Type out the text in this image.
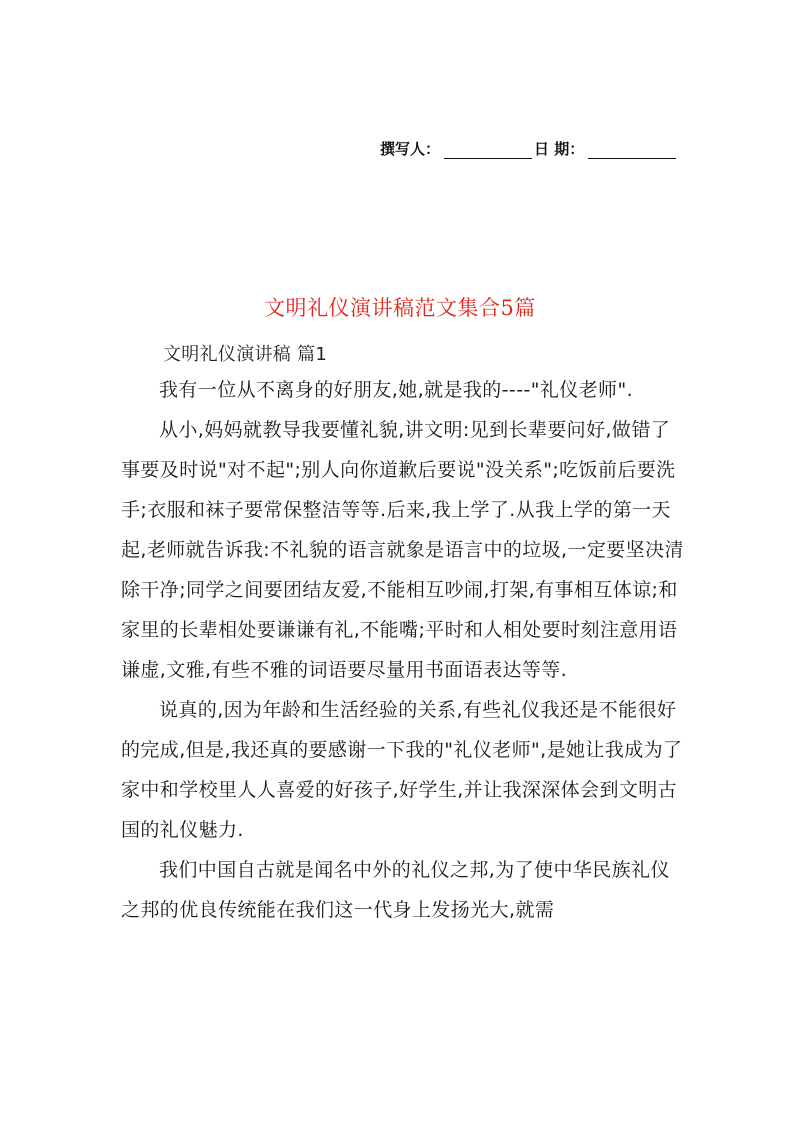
撰写人：	日 期：
文明礼仪演讲稿范文集合5篇
文明礼仪演讲稿 篇1

我有一位从不离身的好朋友,她,就是我的----"礼仪老师".

从小,妈妈就教导我要懂礼貌,讲文明:见到长辈要问好,做错了事要及时说"对不起";别人向你道歉后要说"没关系";吃饭前后要洗手;衣服和袜子要常保整洁等等.后来,我上学了.从我上学的第一天起,老师就告诉我:不礼貌的语言就象是语言中的垃圾,一定要坚决清除干净;同学之间要团结友爱,不能相互吵闹,打架,有事相互体谅;和家里的长辈相处要谦谦有礼,不能嘴;平时和人相处要时刻注意用语谦虚,文雅,有些不雅的词语要尽量用书面语表达等等.

说真的,因为年龄和生活经验的关系,有些礼仪我还是不能很好的完成,但是,我还真的要感谢一下我的"礼仪老师",是她让我成为了家中和学校里人人喜爱的好孩子,好学生,并让我深深体会到文明古国的礼仪魅力.

我们中国自古就是闻名中外的礼仪之邦,为了使中华民族礼仪之邦的优良传统能在我们这一代身上发扬光大,就需
